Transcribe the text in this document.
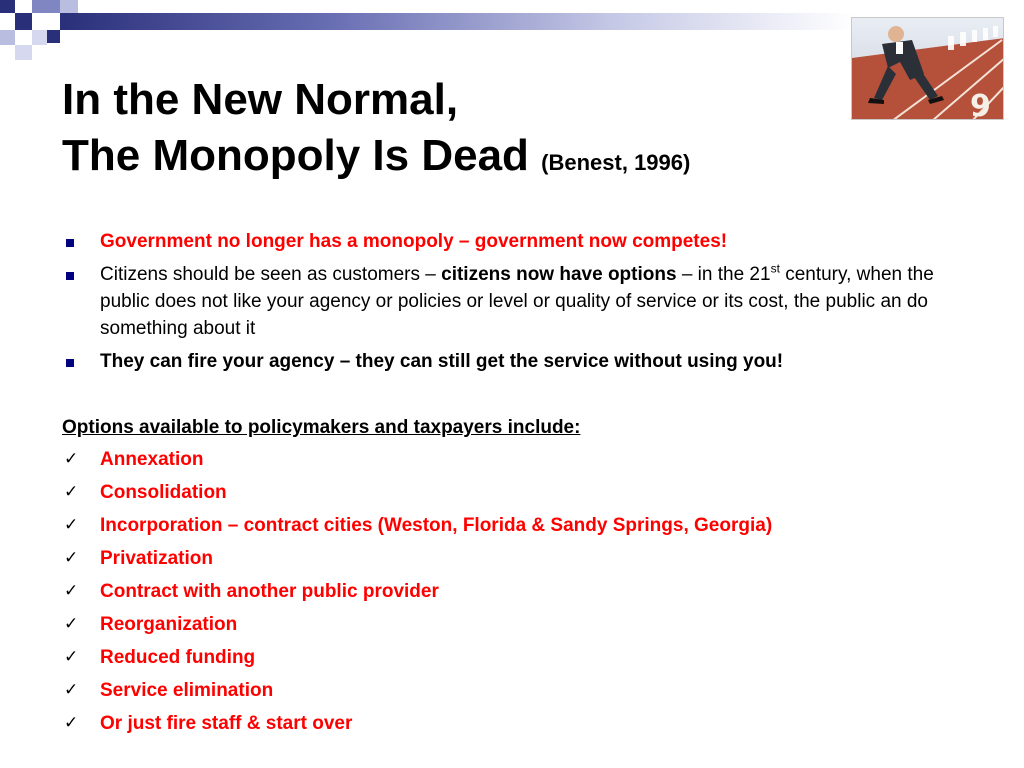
9
In the New Normal,
The Monopoly Is Dead (Benest, 1996)
Government no longer has a monopoly – government now competes!
Citizens should be seen as customers – citizens now have options – in the 21st century, when the public does not like your agency or policies or level or quality of service or its cost, the public an do something about it
They can fire your agency – they can still get the service without using you!
Options available to policymakers and taxpayers include:
✓ Annexation
✓ Consolidation
✓ Incorporation – contract cities (Weston, Florida & Sandy Springs, Georgia)
✓ Privatization
✓ Contract with another public provider
✓ Reorganization
✓ Reduced funding
✓ Service elimination
✓ Or just fire staff & start over
